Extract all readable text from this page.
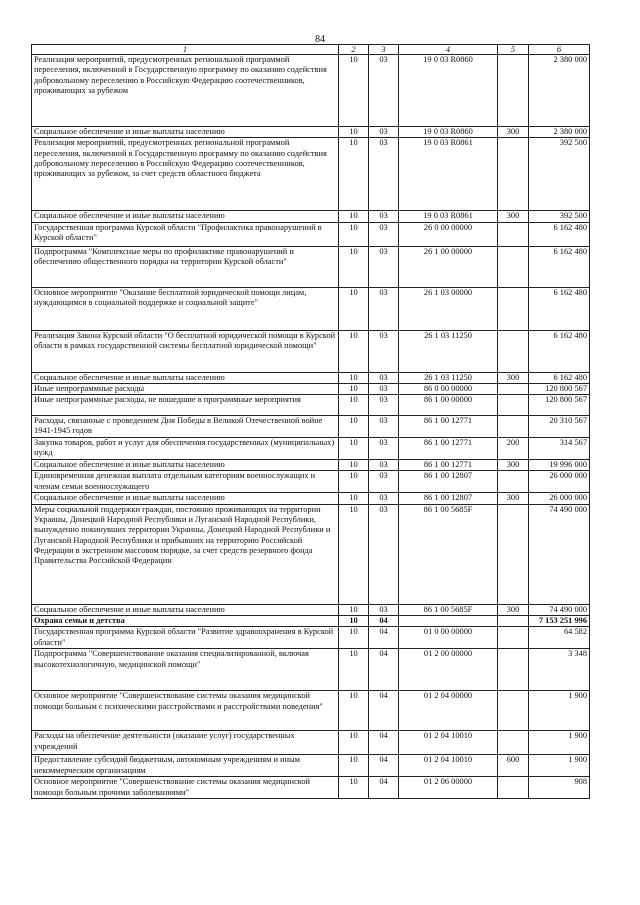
84
1	2	3	4	5	6
Реализация мероприятий, предусмотренных региональной программой переселения, включенной в Государственную программу по оказанию содействия добровольному переселению в Российскую Федерацию соотечественников, проживающих за рубежом	10	03	19 0 03 R0860		2 380 000
Социальное обеспечение и иные выплаты населению	10	03	19 0 03 R0860	300	2 380 000
Реализация мероприятий, предусмотренных региональной программой переселения, включенной в Государственную программу по оказанию содействия добровольному переселению в Российскую Федерацию соотечественников, проживающих за рубежом, за счет средств областного бюджета	10	03	19 0 03 R0861		392 500
Социальное обеспечение и иные выплаты населению	10	03	19 0 03 R0861	300	392 500
Государственная программа Курской области "Профилактика правонарушений в Курской области"	10	03	26 0 00 00000		6 162 480
Подпрограмма "Комплексные меры по профилактике правонарушений и обеспечению общественного порядка на территории Курской области"	10	03	26 1 00 00000		6 162 480
Основное мероприятие "Оказание бесплатной юридической помощи лицам, нуждающимся в социальной поддержке и социальной защите"	10	03	26 1 03 00000		6 162 480
Реализация Закона Курской области "О бесплатной юридической помощи в Курской области в рамках государственной системы бесплатной юридической помощи"	10	03	26 1 03 11250		6 162 480
Социальное обеспечение и иные выплаты населению	10	03	26 1 03 11250	300	6 162 480
Иные непрограммные расходы	10	03	86 0 00 00000		120 800 567
Иные непрограммные расходы, не вошедшие в программные мероприятия	10	03	86 1 00 00000		120 800 567
Расходы, связанные с проведением Дня Победы в Великой Отечественной войне 1941-1945 годов	10	03	86 1 00 12771		20 310 567
Закупка товаров, работ и услуг для обеспечения государственных (муниципальных) нужд	10	03	86 1 00 12771	200	314 567
Социальное обеспечение и иные выплаты населению	10	03	86 1 00 12771	300	19 996 000
Единовременная денежная выплата отдельным категориям военнослужащих и членам семьи военнослужащего	10	03	86 1 00 12807		26 000 000
Социальное обеспечение и иные выплаты населению	10	03	86 1 00 12807	300	26 000 000
Меры социальной поддержки граждан, постоянно проживающих на территории Украины, Донецкой Народной Республики и Луганской Народной Республики, вынужденно покинувших территории Украины, Донецкой Народной Республики и Луганской Народной Республики и прибывших на территорию Российской Федерации в экстренном массовом порядке, за счет средств резервного фонда Правительства Российской Федерации	10	03	86 1 00 5685F		74 490 000
Социальное обеспечение и иные выплаты населению	10	03	86 1 00 5685F	300	74 490 000
Охрана семьи и детства	10	04			7 153 251 996
Государственная программа Курской области "Развитие здравоохранения в Курской области"	10	04	01 0 00 00000		64 582
Подпрограмма "Совершенствование оказания специализированной, включая высокотехнологичную, медицинской помощи"	10	04	01 2 00 00000		3 348
Основное мероприятие "Совершенствование системы оказания медицинской помощи больным с психическими расстройствами и расстройствами поведения"	10	04	01 2 04 00000		1 900
Расходы на обеспечение деятельности (оказание услуг) государственных учреждений	10	04	01 2 04 10010		1 900
Предоставление субсидий бюджетным, автономным учреждениям и иным некоммерческим организациям	10	04	01 2 04 10010	600	1 900
Основное мероприятие "Совершенствование системы оказания медицинской помощи больным прочими заболеваниями"	10	04	01 2 06 00000		908
